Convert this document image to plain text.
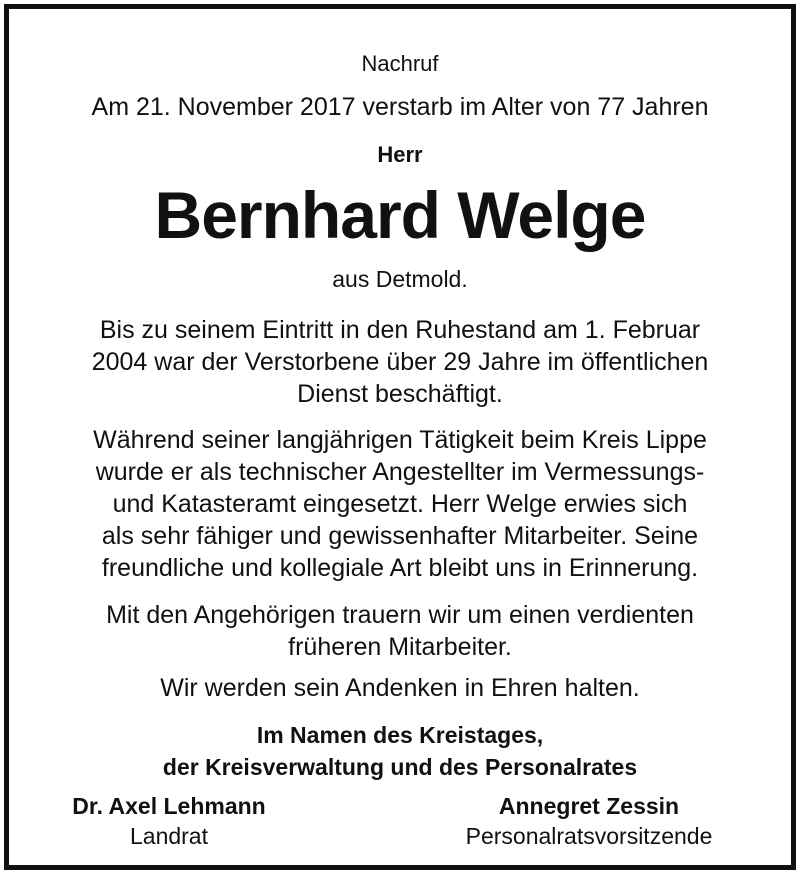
Nachruf
Am 21. November 2017 verstarb im Alter von 77 Jahren
Herr
Bernhard Welge
aus Detmold.
Bis zu seinem Eintritt in den Ruhestand am 1. Februar
2004 war der Verstorbene über 29 Jahre im öffentlichen
Dienst beschäftigt.
Während seiner langjährigen Tätigkeit beim Kreis Lippe
wurde er als technischer Angestellter im Vermessungs-
und Katasteramt eingesetzt. Herr Welge erwies sich
als sehr fähiger und gewissenhafter Mitarbeiter. Seine
freundliche und kollegiale Art bleibt uns in Erinnerung.
Mit den Angehörigen trauern wir um einen verdienten
früheren Mitarbeiter.
Wir werden sein Andenken in Ehren halten.
Im Namen des Kreistages,
der Kreisverwaltung und des Personalrates
Dr. Axel Lehmann
Landrat
Annegret Zessin
Personalratsvorsitzende
